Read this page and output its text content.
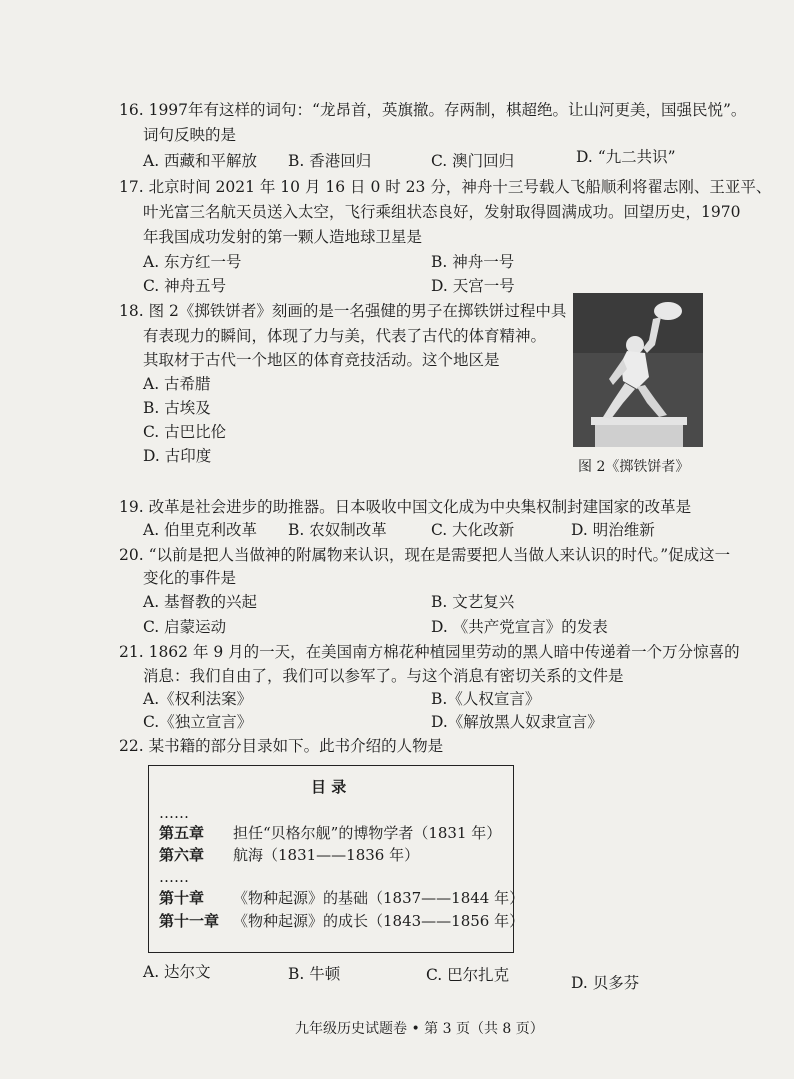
16. 1997年有这样的词句：“龙昂首，英旗撤。存两制，棋超绝。让山河更美，国强民悦”。
词句反映的是
A. 西藏和平解放 B. 香港回归	C. 澳门回归	D. “九二共识”
17. 北京时间 2021 年 10 月 16 日 0 时 23 分，神舟十三号载人飞船顺利将翟志刚、王亚平、
叶光富三名航天员送入太空，飞行乘组状态良好，发射取得圆满成功。回望历史，1970
年我国成功发射的第一颗人造地球卫星是
A. 东方红一号	B. 神舟一号
C. 神舟五号	D. 天宫一号
18. 图 2《掷铁饼者》刻画的是一名强健的男子在掷铁饼过程中具
有表现力的瞬间，体现了力与美，代表了古代的体育精神。
其取材于古代一个地区的体育竞技活动。这个地区是
A. 古希腊
B. 古埃及
C. 古巴比伦
D. 古印度
图 2《掷铁饼者》
19. 改革是社会进步的助推器。日本吸收中国文化成为中央集权制封建国家的改革是
A. 伯里克利改革 B. 农奴制改革	C. 大化改新	D. 明治维新
20. “以前是把人当做神的附属物来认识，现在是需要把人当做人来认识的时代。”促成这一
变化的事件是
A. 基督教的兴起	B. 文艺复兴
C. 启蒙运动	D. 《共产党宣言》的发表
21. 1862 年 9 月的一天，在美国南方棉花种植园里劳动的黑人暗中传递着一个万分惊喜的
消息：我们自由了，我们可以参军了。与这个消息有密切关系的文件是
A.《权利法案》	B.《人权宣言》
C.《独立宣言》	D.《解放黑人奴隶宣言》
22. 某书籍的部分目录如下。此书介绍的人物是
目 录
……
第五章 担任“贝格尔舰”的博物学者（1831 年）
第六章 航海（1831——1836 年）
……
第十章 《物种起源》的基础（1837——1844 年）
第十一章 《物种起源》的成长（1843——1856 年）
A. 达尔文	B. 牛顿	C. 巴尔扎克	D. 贝多芬
九年级历史试题卷 • 第 3 页（共 8 页）
